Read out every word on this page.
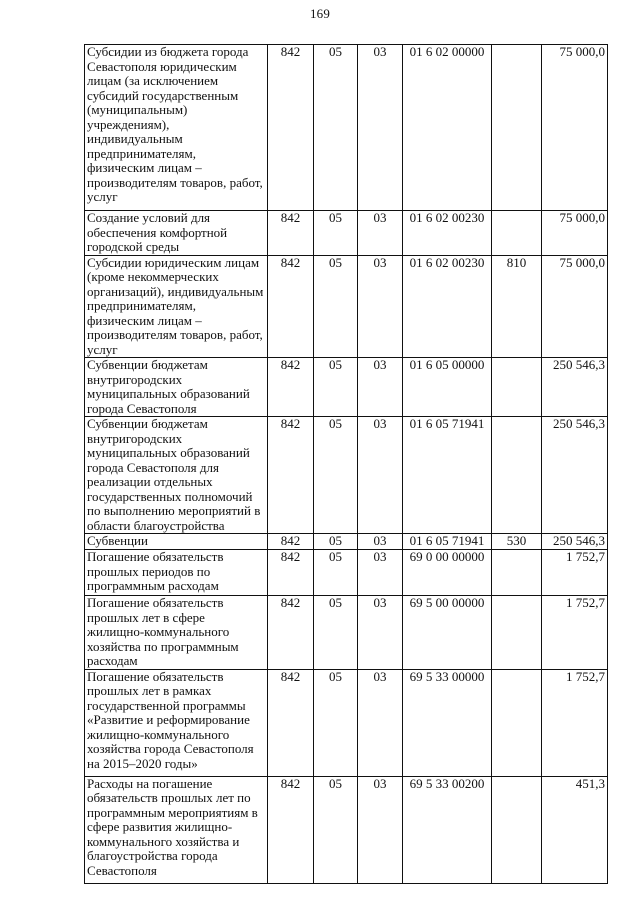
169
Субсидии из бюджета города Севастополя юридическим лицам (за исключением субсидий государственным (муниципальным) учреждениям), индивидуальным предпринимателям, физическим лицам – производителям товаров, работ, услуг	842	05	03	01 6 02 00000		75 000,0
Создание условий для обеспечения комфортной городской среды	842	05	03	01 6 02 00230		75 000,0
Субсидии юридическим лицам (кроме некоммерческих организаций), индивидуальным предпринимателям, физическим лицам – производителям товаров, работ, услуг	842	05	03	01 6 02 00230	810	75 000,0
Субвенции бюджетам внутригородских муниципальных образований города Севастополя	842	05	03	01 6 05 00000		250 546,3
Субвенции бюджетам внутригородских муниципальных образований города Севастополя для реализации отдельных государственных полномочий по выполнению мероприятий в области благоустройства	842	05	03	01 6 05 71941		250 546,3
Субвенции	842	05	03	01 6 05 71941	530	250 546,3
Погашение обязательств прошлых периодов по программным расходам	842	05	03	69 0 00 00000		1 752,7
Погашение обязательств прошлых лет в сфере жилищно-коммунального хозяйства по программным расходам	842	05	03	69 5 00 00000		1 752,7
Погашение обязательств прошлых лет в рамках государственной программы «Развитие и реформирование жилищно-коммунального хозяйства города Севастополя на 2015–2020 годы»	842	05	03	69 5 33 00000		1 752,7
Расходы на погашение обязательств прошлых лет по программным мероприятиям в сфере развития жилищно-коммунального хозяйства и благоустройства города Севастополя	842	05	03	69 5 33 00200		451,3
